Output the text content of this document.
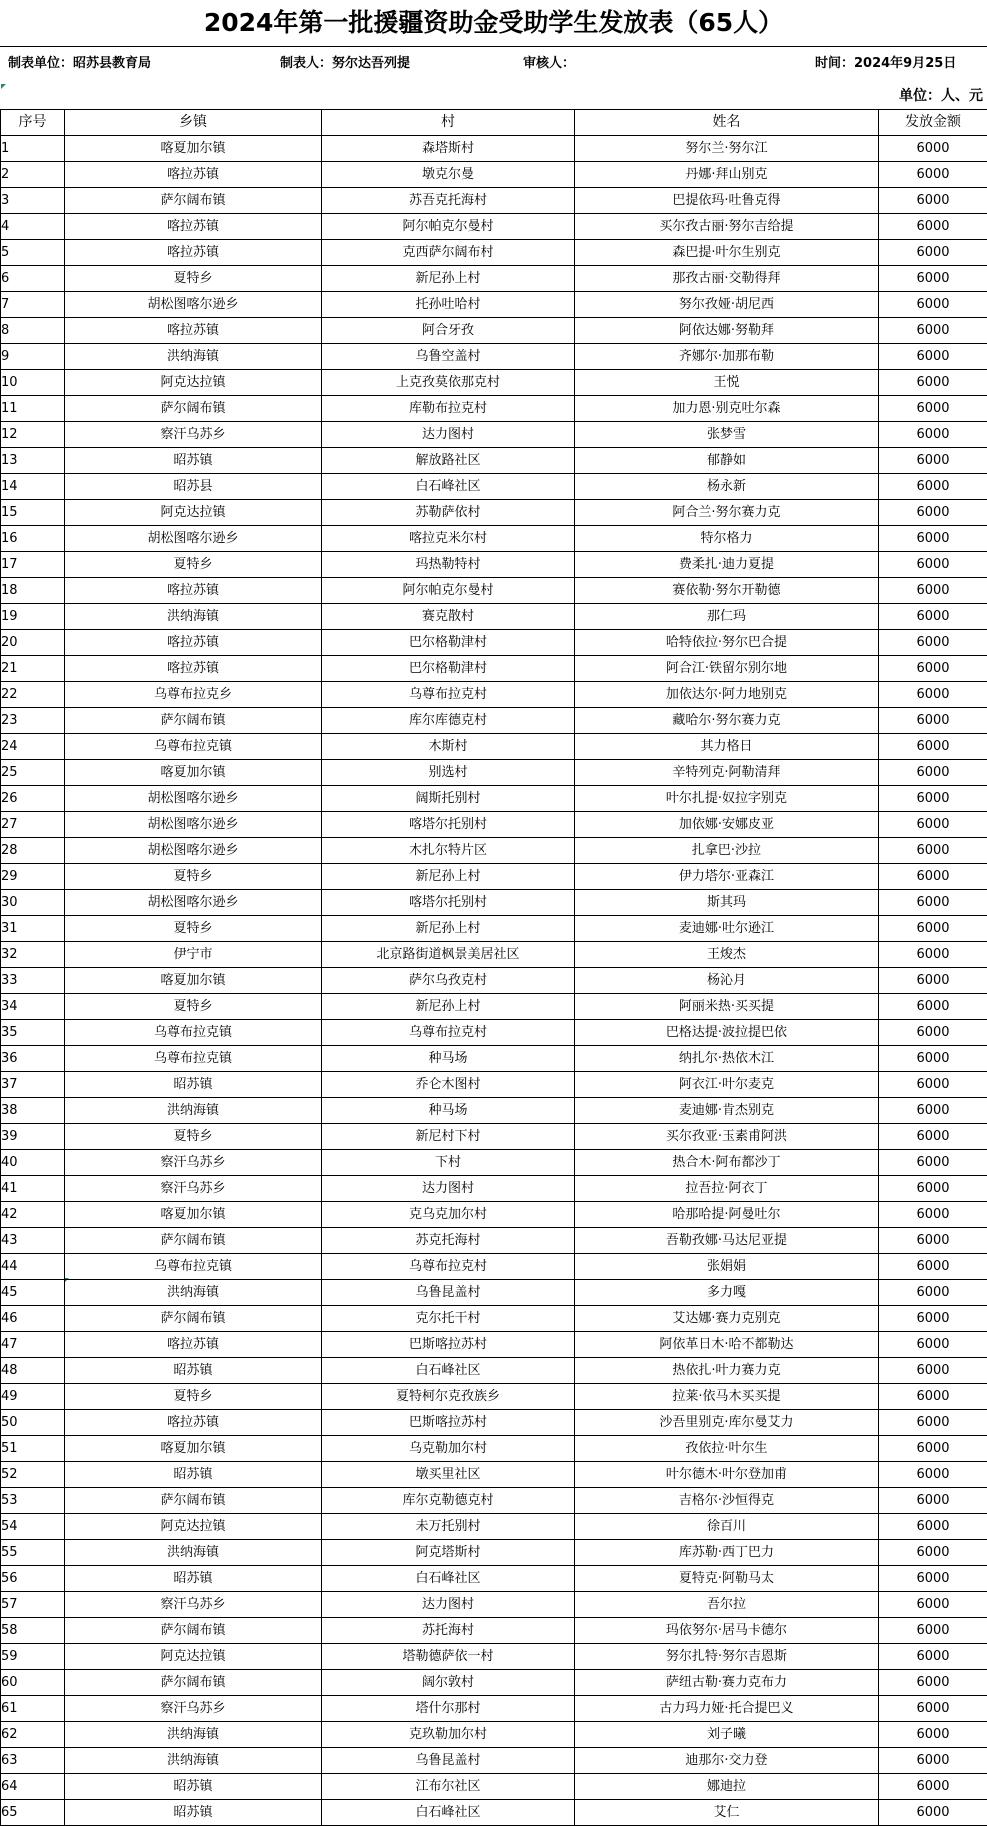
2024年第一批援疆资助金受助学生发放表（65人）
制表单位：昭苏县教育局	制表人：努尔达吾列提	审核人：	时间：2024年9月25日
单位：人、元
序号	乡镇	村	姓名	发放金额
1	喀夏加尔镇	森塔斯村	努尔兰·努尔江	6000
2	喀拉苏镇	墩克尔曼	丹娜·拜山别克	6000
3	萨尔阔布镇	苏吾克托海村	巴提依玛·吐鲁克得	6000
4	喀拉苏镇	阿尔帕克尔曼村	买尔孜古丽·努尔吉给提	6000
5	喀拉苏镇	克西萨尔阔布村	森巴提·叶尔生别克	6000
6	夏特乡	新尼孙上村	那孜古丽·交勒得拜	6000
7	胡松图喀尔逊乡	托孙吐哈村	努尔孜娅·胡尼西	6000
8	喀拉苏镇	阿合牙孜	阿依达娜·努勒拜	6000
9	洪纳海镇	乌鲁空盖村	齐娜尔·加那布勒	6000
10	阿克达拉镇	上克孜莫依那克村	王悦	6000
11	萨尔阔布镇	库勒布拉克村	加力恩·别克吐尔森	6000
12	察汗乌苏乡	达力图村	张梦雪	6000
13	昭苏镇	解放路社区	郁静如	6000
14	昭苏县	白石峰社区	杨永新	6000
15	阿克达拉镇	苏勒萨依村	阿合兰·努尔赛力克	6000
16	胡松图喀尔逊乡	喀拉克米尔村	特尔格力	6000
17	夏特乡	玛热勒特村	费柔扎·迪力夏提	6000
18	喀拉苏镇	阿尔帕克尔曼村	赛依勒·努尔开勒德	6000
19	洪纳海镇	赛克散村	那仁玛	6000
20	喀拉苏镇	巴尔格勒津村	哈特依拉·努尔巴合提	6000
21	喀拉苏镇	巴尔格勒津村	阿合江·铁留尔别尔地	6000
22	乌尊布拉克乡	乌尊布拉克村	加依达尔·阿力地别克	6000
23	萨尔阔布镇	库尔库德克村	藏哈尔·努尔赛力克	6000
24	乌尊布拉克镇	木斯村	其力格日	6000
25	喀夏加尔镇	别选村	辛特列克·阿勒清拜	6000
26	胡松图喀尔逊乡	阔斯托别村	叶尔扎提·奴拉字别克	6000
27	胡松图喀尔逊乡	喀塔尔托别村	加依娜·安娜皮亚	6000
28	胡松图喀尔逊乡	木扎尔特片区	扎拿巴·沙拉	6000
29	夏特乡	新尼孙上村	伊力塔尔·亚森江	6000
30	胡松图喀尔逊乡	喀塔尔托别村	斯其玛	6000
31	夏特乡	新尼孙上村	麦迪娜·吐尔逊江	6000
32	伊宁市	北京路街道枫景美居社区	王焌杰	6000
33	喀夏加尔镇	萨尔乌孜克村	杨沁月	6000
34	夏特乡	新尼孙上村	阿丽米热·买买提	6000
35	乌尊布拉克镇	乌尊布拉克村	巴格达提·波拉提巴依	6000
36	乌尊布拉克镇	种马场	纳扎尔·热依木江	6000
37	昭苏镇	乔仑木图村	阿衣江·叶尔麦克	6000
38	洪纳海镇	种马场	麦迪娜·肯杰别克	6000
39	夏特乡	新尼村下村	买尔孜亚·玉素甫阿洪	6000
40	察汗乌苏乡	下村	热合木·阿布都沙丁	6000
41	察汗乌苏乡	达力图村	拉吾拉·阿衣丁	6000
42	喀夏加尔镇	克乌克加尔村	哈那哈提·阿曼吐尔	6000
43	萨尔阔布镇	苏克托海村	吾勒孜娜·马达尼亚提	6000
44	乌尊布拉克镇	乌尊布拉克村	张娟娟	6000
45	洪纳海镇	乌鲁昆盖村	多力嘎	6000
46	萨尔阔布镇	克尔托干村	艾达娜·赛力克别克	6000
47	喀拉苏镇	巴斯喀拉苏村	阿依革日木·哈不都勒达	6000
48	昭苏镇	白石峰社区	热依扎·叶力赛力克	6000
49	夏特乡	夏特柯尔克孜族乡	拉莱·依马木买买提	6000
50	喀拉苏镇	巴斯喀拉苏村	沙吾里别克·库尔曼艾力	6000
51	喀夏加尔镇	乌克勒加尔村	孜依拉·叶尔生	6000
52	昭苏镇	墩买里社区	叶尔德木·叶尔登加甫	6000
53	萨尔阔布镇	库尔克勒德克村	吉格尔·沙恒得克	6000
54	阿克达拉镇	未万托别村	徐百川	6000
55	洪纳海镇	阿克塔斯村	库苏勒·西丁巴力	6000
56	昭苏镇	白石峰社区	夏特克·阿勒马太	6000
57	察汗乌苏乡	达力图村	吾尔拉	6000
58	萨尔阔布镇	苏托海村	玛依努尔·居马卡德尔	6000
59	阿克达拉镇	塔勒德萨依一村	努尔扎特·努尔吉恩斯	6000
60	萨尔阔布镇	阔尔敦村	萨纽古勒·赛力克布力	6000
61	察汗乌苏乡	塔什尔那村	古力玛力娅·托合提巴义	6000
62	洪纳海镇	克玖勒加尔村	刘子曦	6000
63	洪纳海镇	乌鲁昆盖村	迪那尔·交力登	6000
64	昭苏镇	江布尔社区	娜迪拉	6000
65	昭苏镇	白石峰社区	艾仁	6000
